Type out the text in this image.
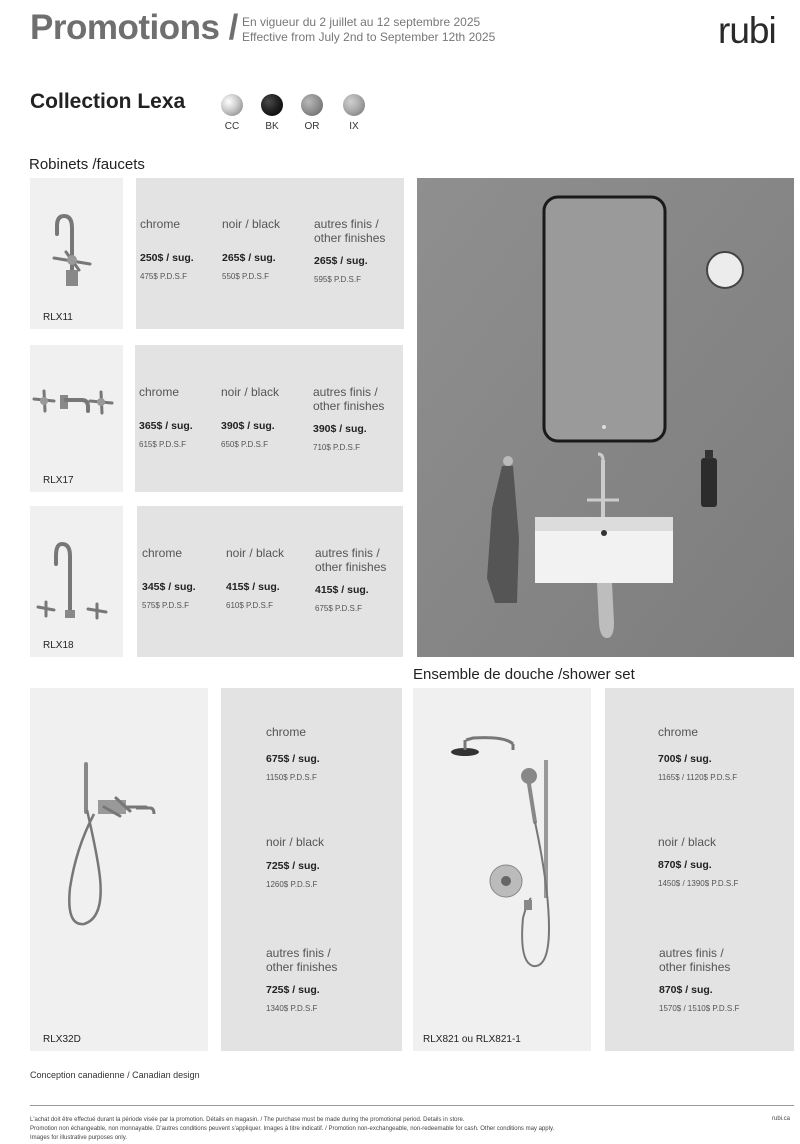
Promotions / En vigueur du 2 juillet au 12 septembre 2025
Effective from July 2nd to September 12th 2025	rubi
Collection Lexa
CC	BK	OR	IX
Robinets /faucets
RLX11
chrome
250$ / sug.
475$ P.D.S.F
noir / black
265$ / sug.
550$ P.D.S.F
autres finis /
other finishes
265$ / sug.
595$ P.D.S.F
RLX17
chrome
365$ / sug.
615$ P.D.S.F
noir / black
390$ / sug.
650$ P.D.S.F
autres finis /
other finishes
390$ / sug.
710$ P.D.S.F
RLX18
chrome
345$ / sug.
575$ P.D.S.F
noir / black
415$ / sug.
610$ P.D.S.F
autres finis /
other finishes
415$ / sug.
675$ P.D.S.F
Ensemble de douche /shower set
RLX32D
chrome
675$ / sug.
1150$ P.D.S.F
noir / black
725$ / sug.
1260$ P.D.S.F
autres finis /
other finishes
725$ / sug.
1340$ P.D.S.F
RLX821 ou RLX821-1
chrome
700$ / sug.
1165$ / 1120$ P.D.S.F
noir / black
870$ / sug.
1450$ / 1390$ P.D.S.F
autres finis /
other finishes
870$ / sug.
1570$ / 1510$ P.D.S.F
Conception canadienne / Canadian design
L'achat doit être effectué durant la période visée par la promotion. Détails en magasin. / The purchase must be made during the promotional period. Details in store.
Promotion non échangeable, non monnayable. D'autres conditions peuvent s'appliquer. Images à titre indicatif. / Promotion non-exchangeable, non-redeemable for cash. Other conditions may apply.
Images for illustrative purposes only.
rubi.ca
